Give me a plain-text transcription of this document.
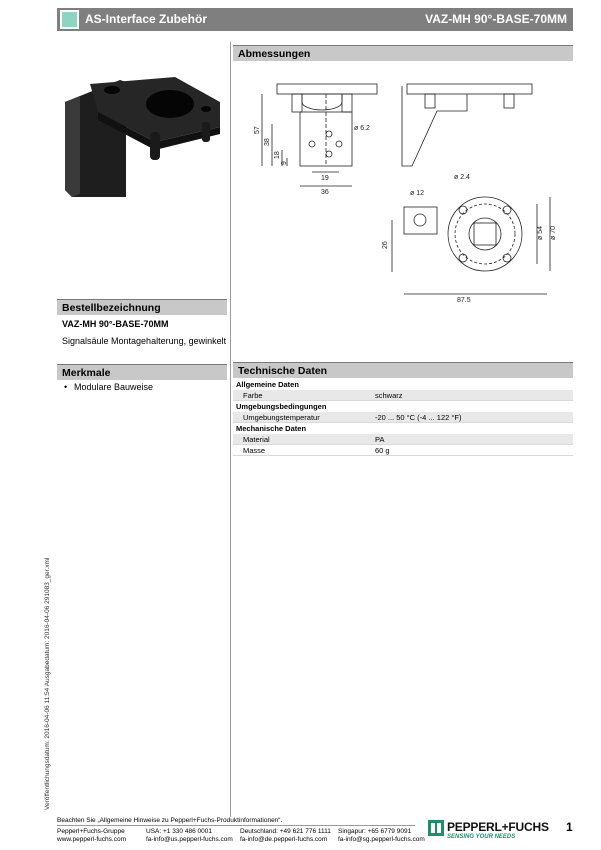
AS-Interface Zubehör	VAZ-MH 90°-BASE-70MM
Abmessungen
57
38
18
9
19
36
ø 6.2
ø 2.4
ø 12
26
ø 54 ø 70
87.5
Bestellbezeichnung
VAZ-MH 90°-BASE-70MM
Signalsäule Montagehalterung, gewinkelt
Merkmale
• Modulare Bauweise
Technische Daten
Allgemeine Daten
Farbe	schwarz
Umgebungsbedingungen
Umgebungstemperatur	-20 ... 50 °C (-4 ... 122 °F)
Mechanische Daten
Material	PA
Masse	60 g
Veröffentlichungsdatum: 2016-04-06 11:54 Ausgabedatum: 2016-04-06 291083_ger.xml
Beachten Sie „Allgemeine Hinweise zu Pepperl+Fuchs-Produktinformationen“.
Pepperl+Fuchs-Gruppe
www.pepperl-fuchs.com
USA: +1 330 486 0001
fa-info@us.pepperl-fuchs.com
Deutschland: +49 621 776 1111
fa-info@de.pepperl-fuchs.com
Singapur: +65 6779 9091
fa-info@sg.pepperl-fuchs.com
PEPPERL+FUCHS
SENSING YOUR NEEDS
1
